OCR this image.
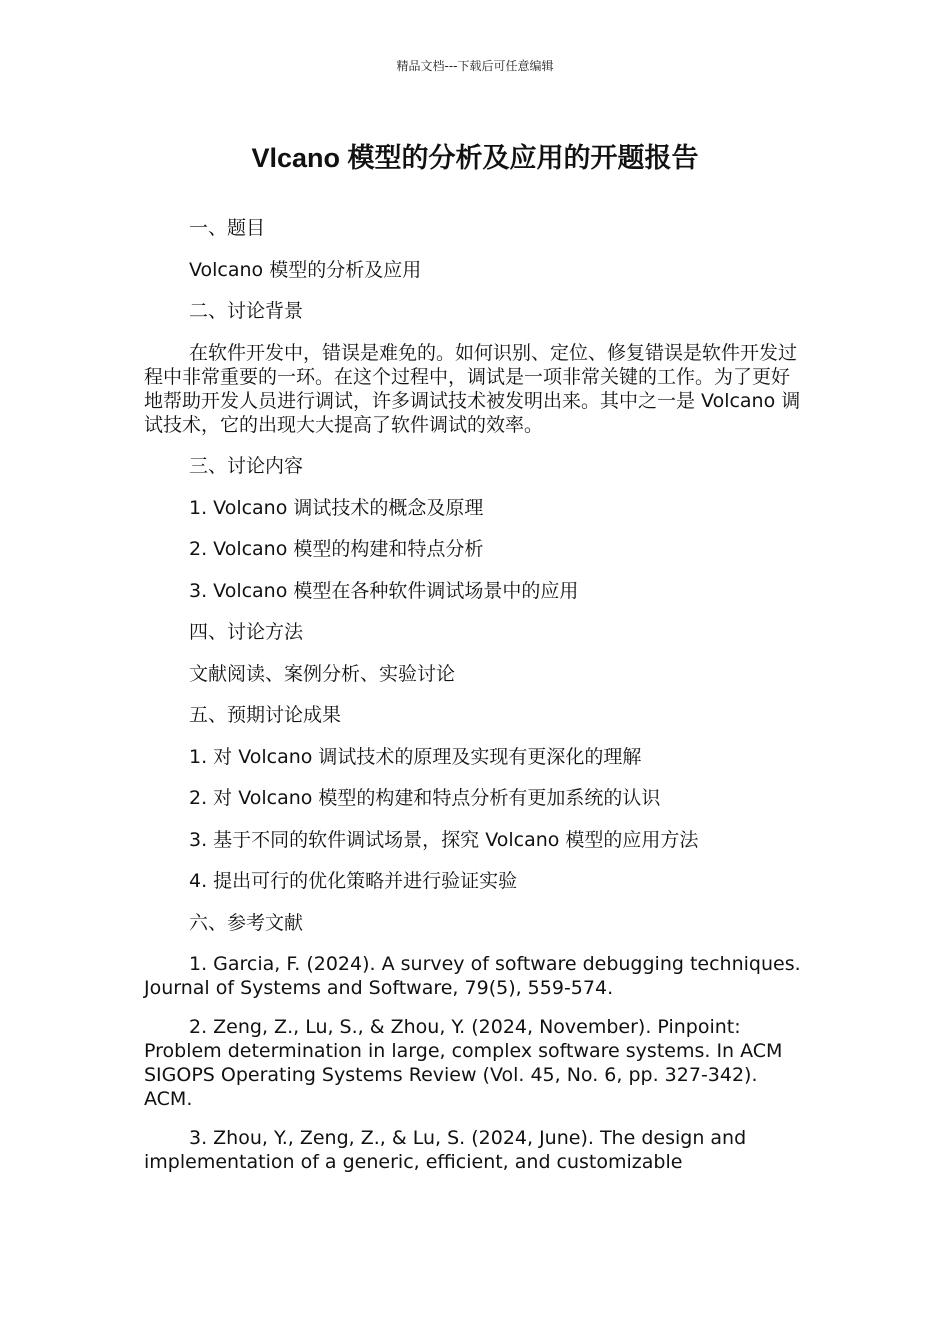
精品文档---下载后可任意编辑
Vlcano 模型的分析及应用的开题报告
一、题目
Volcano 模型的分析及应用
二、讨论背景
在软件开发中，错误是难免的。如何识别、定位、修复错误是软件开发过程中非常重要的一环。在这个过程中，调试是一项非常关键的工作。为了更好地帮助开发人员进行调试，许多调试技术被发明出来。其中之一是 Volcano 调试技术，它的出现大大提高了软件调试的效率。
三、讨论内容
1. Volcano 调试技术的概念及原理
2. Volcano 模型的构建和特点分析
3. Volcano 模型在各种软件调试场景中的应用
四、讨论方法
文献阅读、案例分析、实验讨论
五、预期讨论成果
1. 对 Volcano 调试技术的原理及实现有更深化的理解
2. 对 Volcano 模型的构建和特点分析有更加系统的认识
3. 基于不同的软件调试场景，探究 Volcano 模型的应用方法
4. 提出可行的优化策略并进行验证实验
六、参考文献
1. Garcia, F. (2024). A survey of software debugging techniques. Journal of Systems and Software, 79(5), 559-574.
2. Zeng, Z., Lu, S., & Zhou, Y. (2024, November). Pinpoint: Problem determination in large, complex software systems. In ACM SIGOPS Operating Systems Review (Vol. 45, No. 6, pp. 327-342). ACM.
3. Zhou, Y., Zeng, Z., & Lu, S. (2024, June). The design and implementation of a generic, efficient, and customizable
